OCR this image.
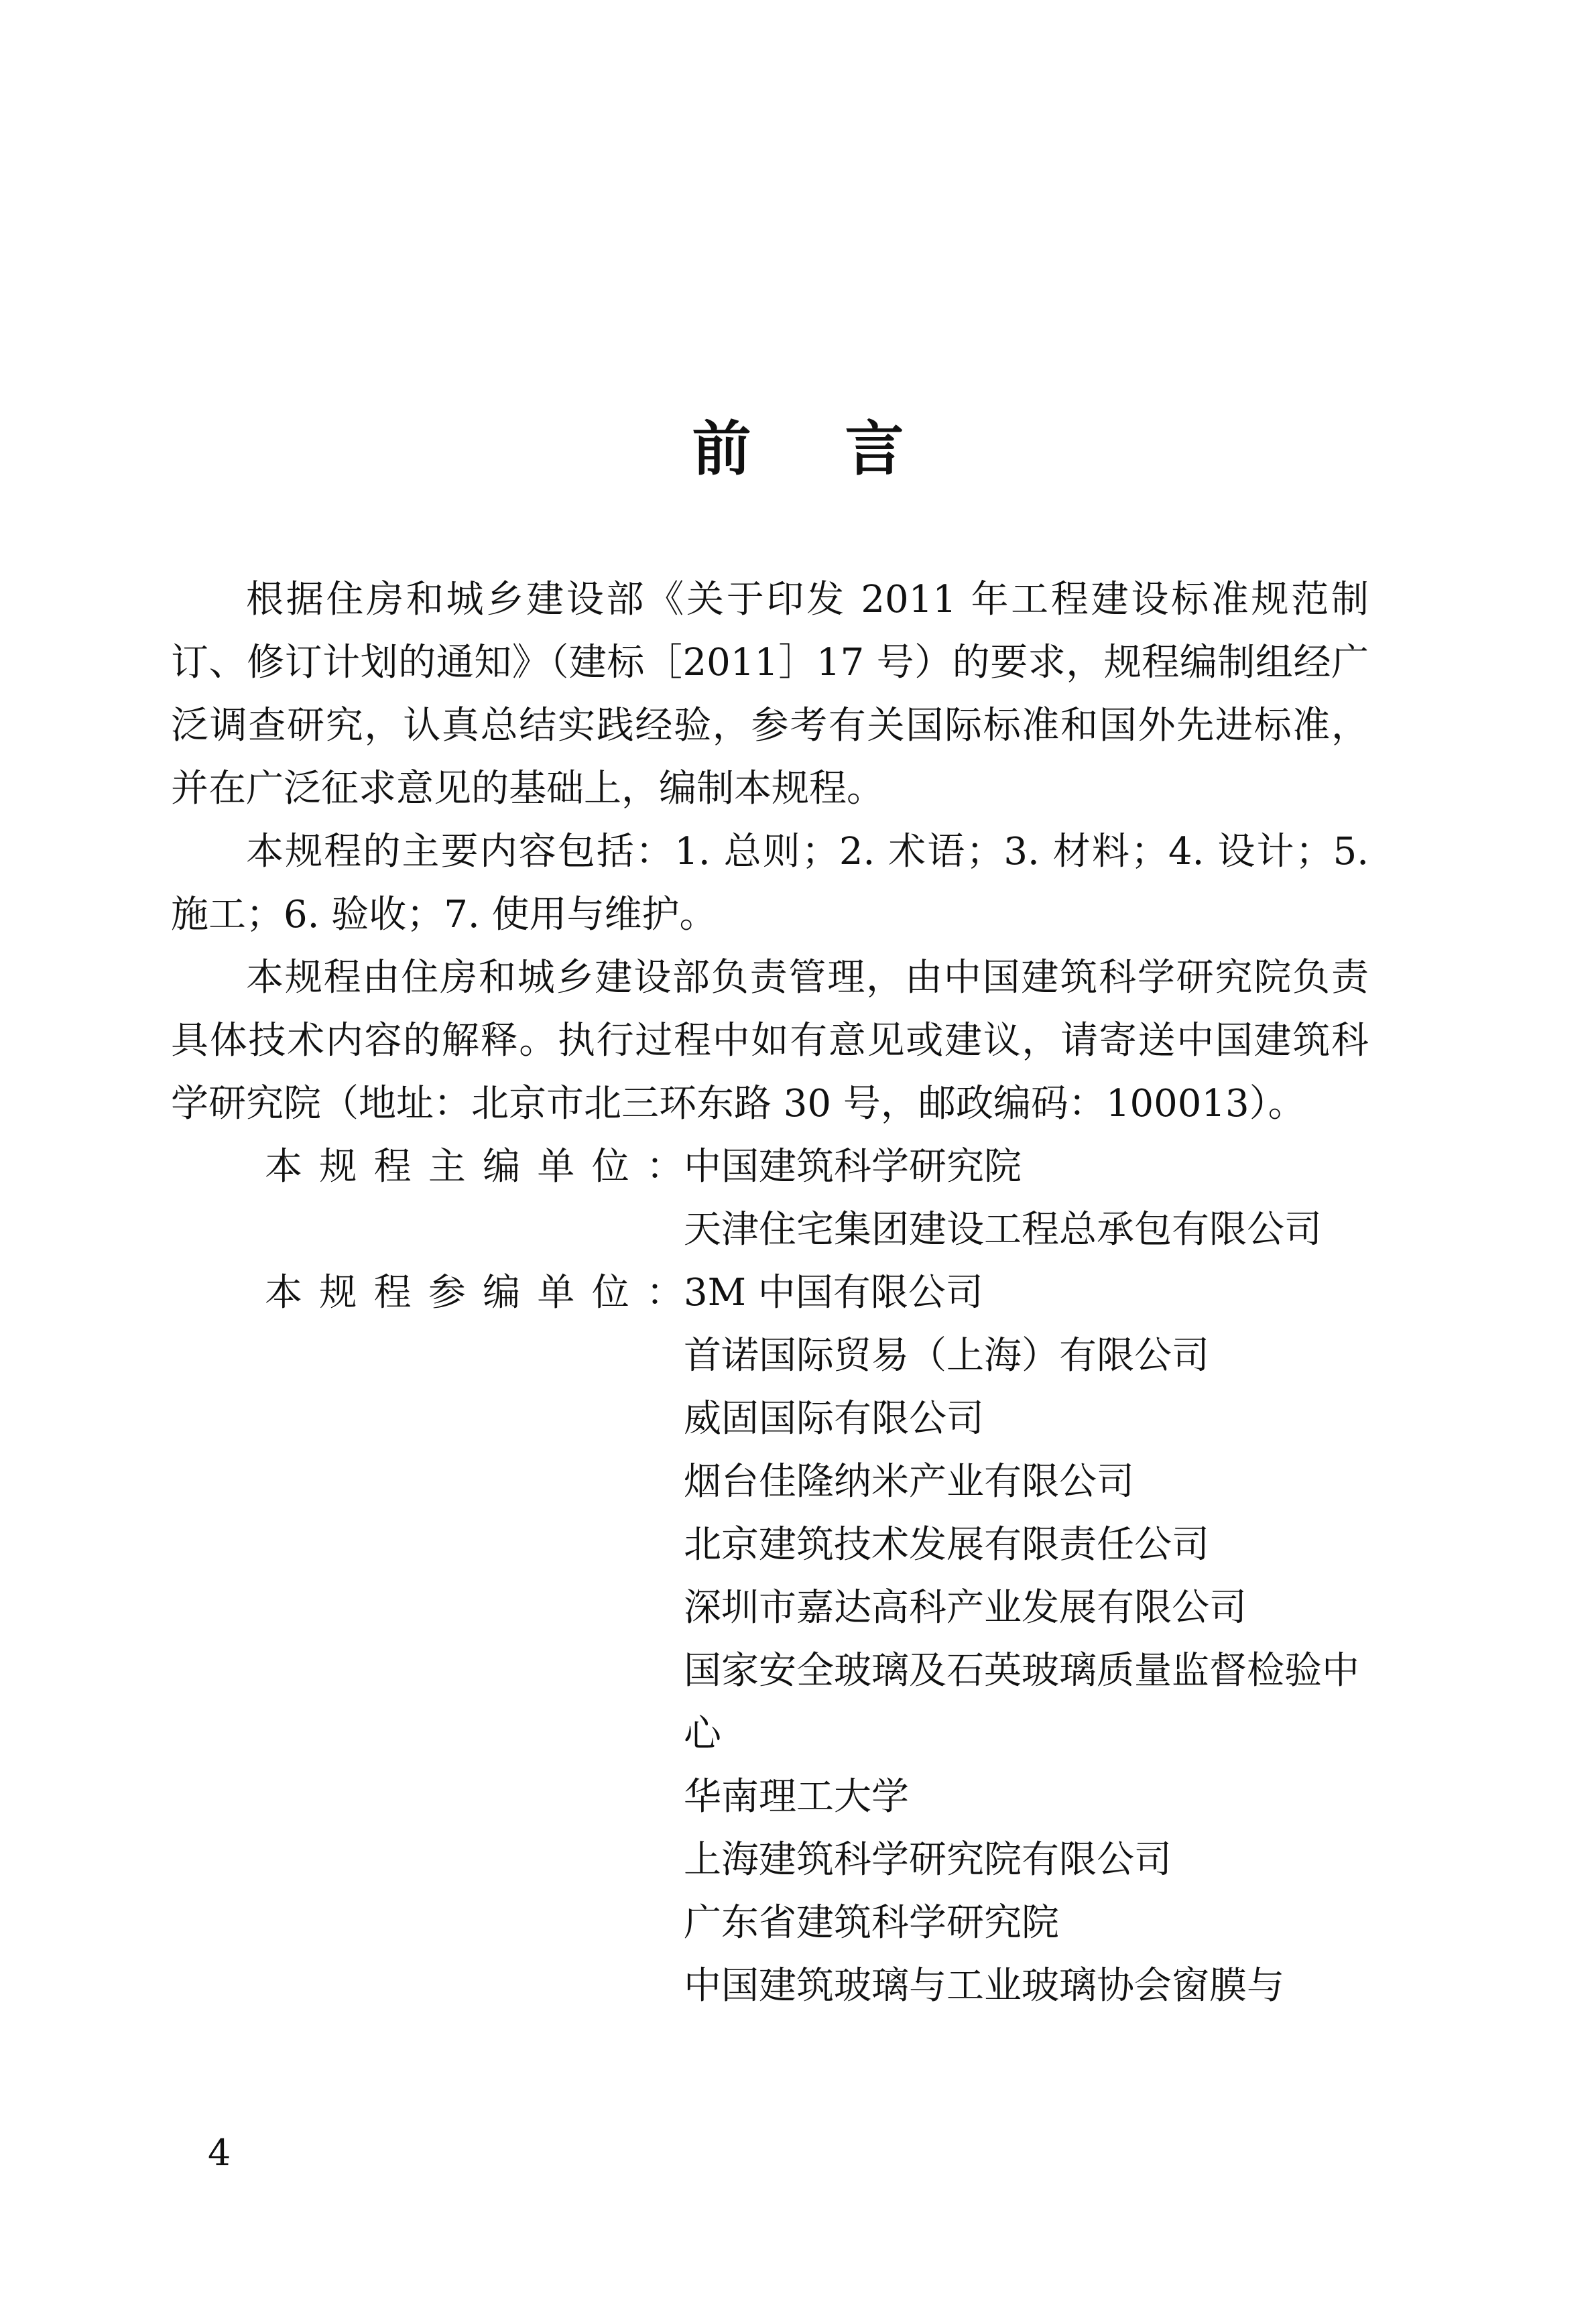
前言

根据住房和城乡建设部《关于印发 2011 年工程建设标准规范制订、修订计划的通知》（建标［2011］17 号）的要求，规程编制组经广泛调查研究，认真总结实践经验，参考有关国际标准和国外先进标准，并在广泛征求意见的基础上，编制本规程。

本规程的主要内容包括：1. 总则；2. 术语；3. 材料；4. 设计；5. 施工；6. 验收；7. 使用与维护。

本规程由住房和城乡建设部负责管理，由中国建筑科学研究院负责具体技术内容的解释。执行过程中如有意见或建议，请寄送中国建筑科学研究院（地址：北京市北三环东路 30 号，邮政编码：100013）。

本规程主编单位： 中国建筑科学研究院
天津住宅集团建设工程总承包有限公司
本规程参编单位： 3M 中国有限公司
首诺国际贸易（上海）有限公司
威固国际有限公司
烟台佳隆纳米产业有限公司
北京建筑技术发展有限责任公司
深圳市嘉达高科产业发展有限公司
国家安全玻璃及石英玻璃质量监督检验中心
华南理工大学
上海建筑科学研究院有限公司
广东省建筑科学研究院
中国建筑玻璃与工业玻璃协会窗膜与
4
